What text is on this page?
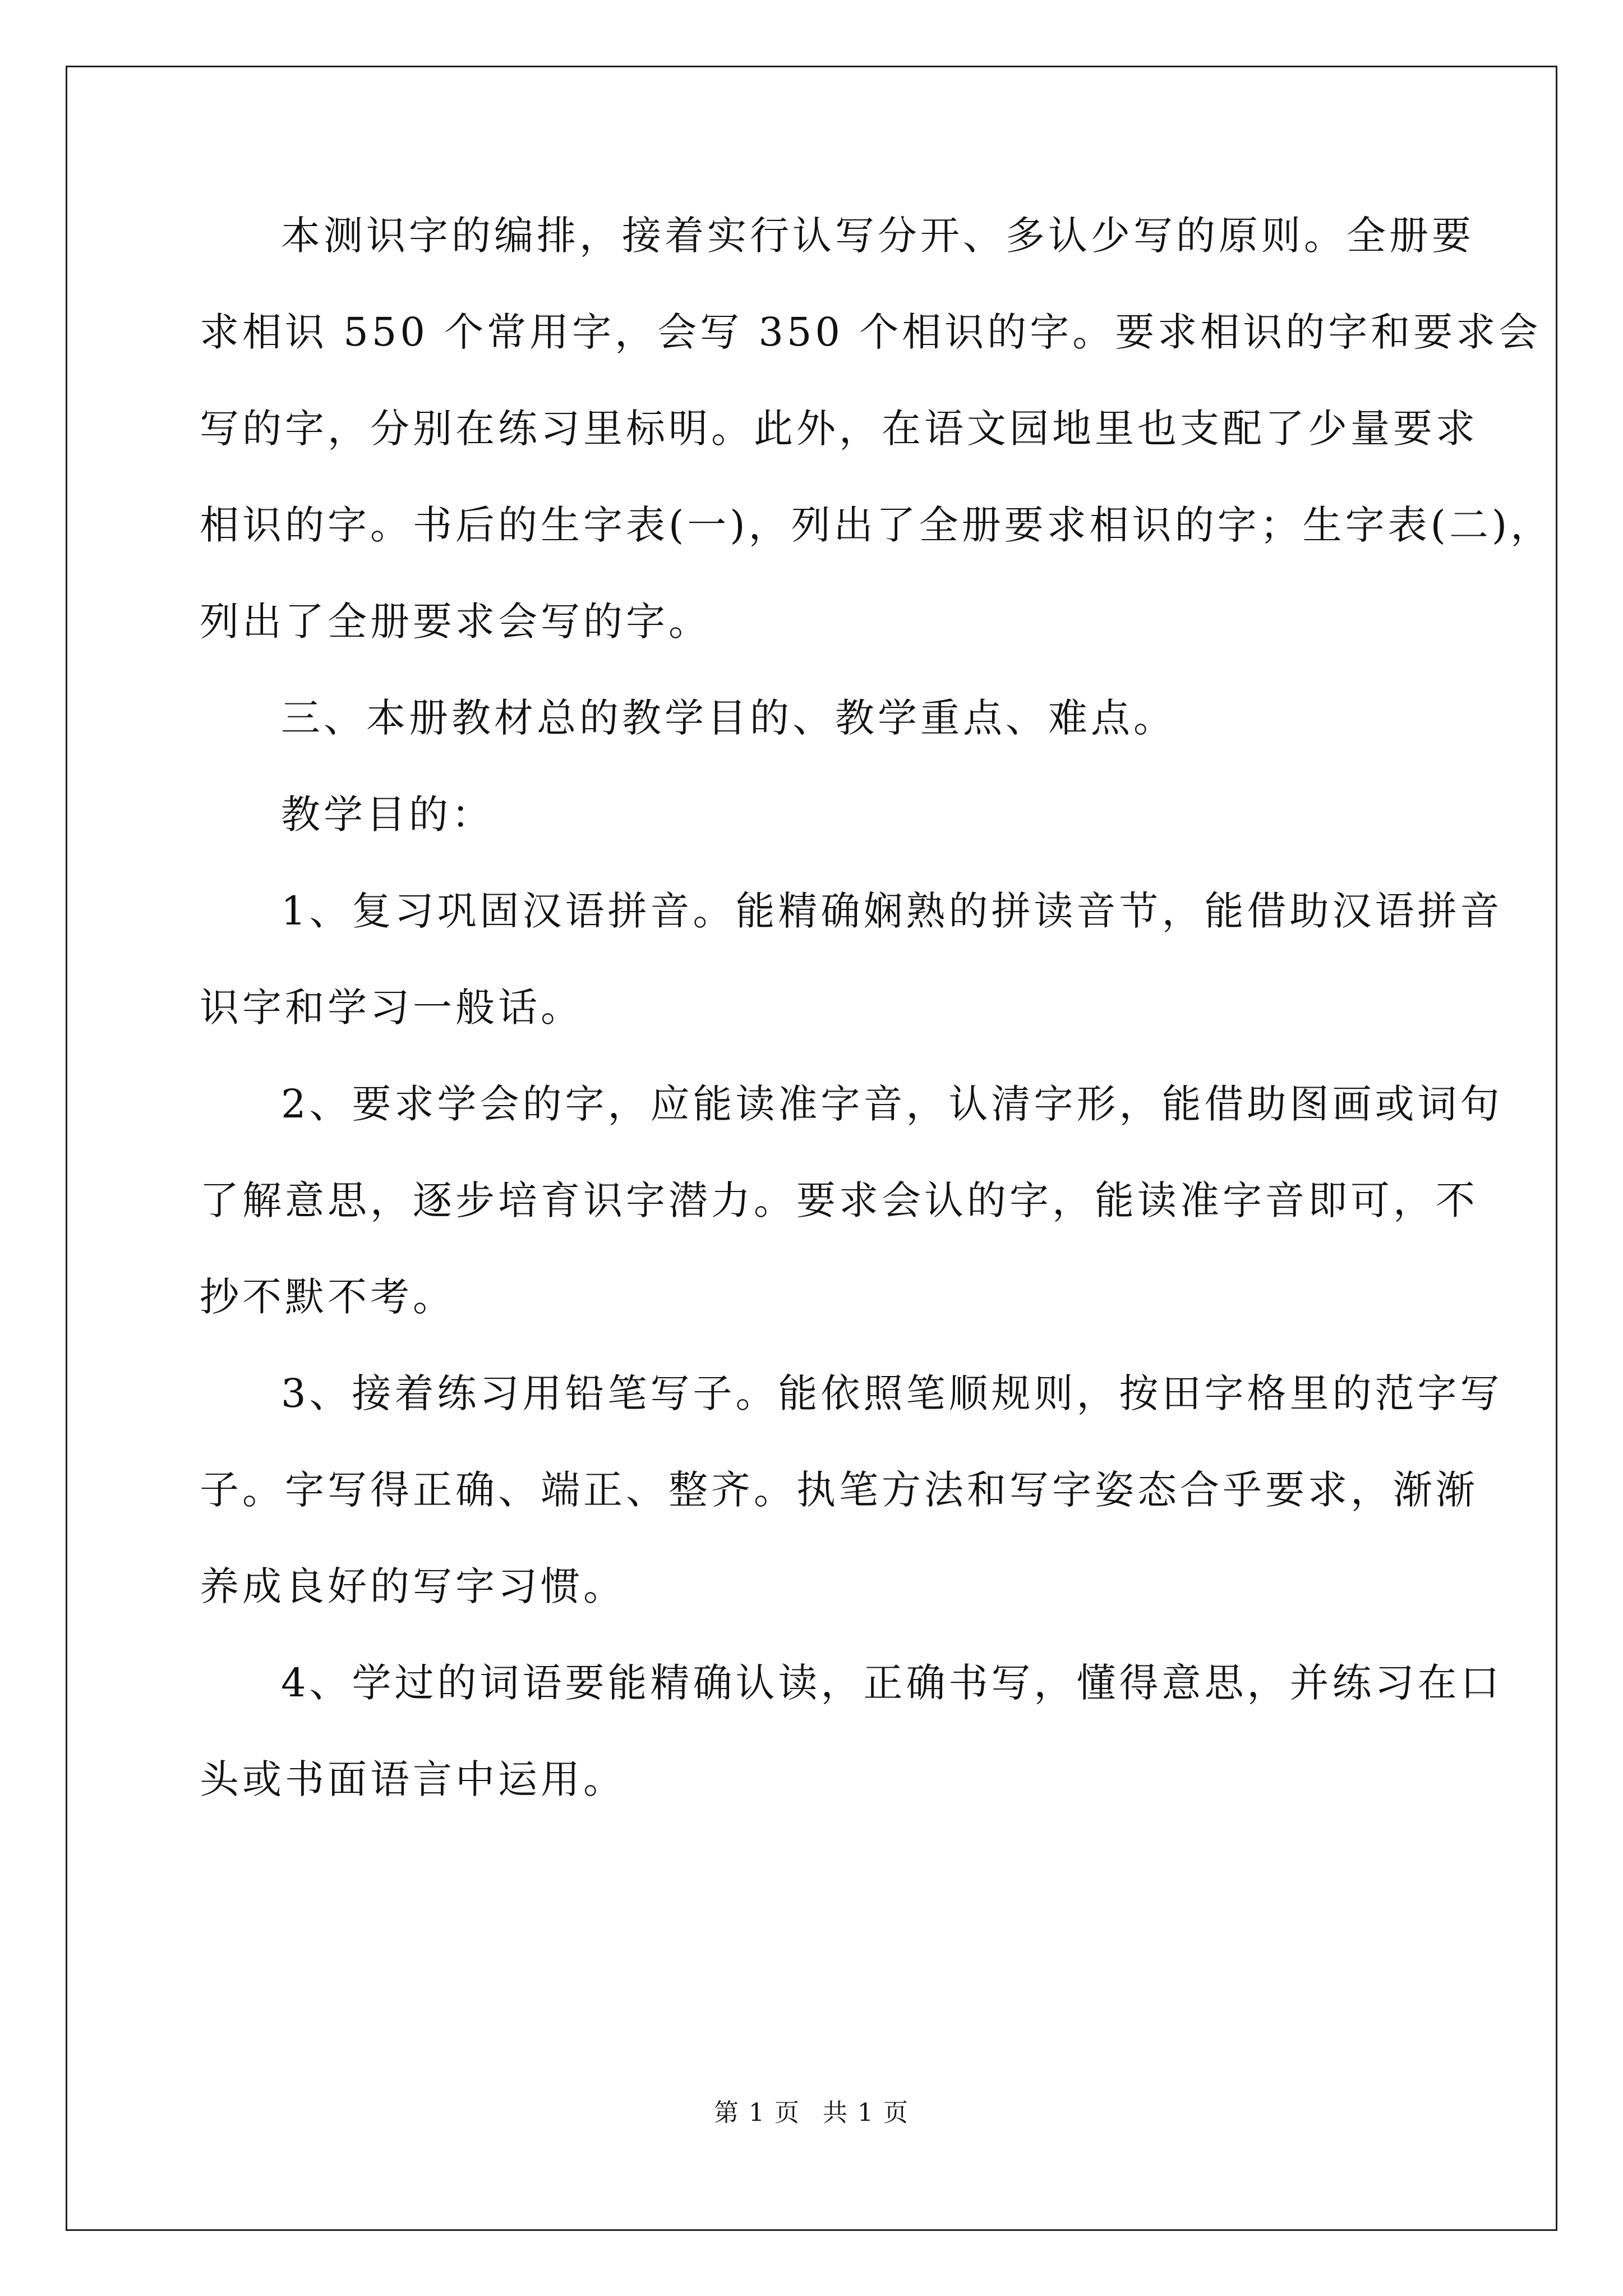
本测识字的编排，接着实行认写分开、多认少写的原则。全册要
求相识 550 个常用字，会写 350 个相识的字。要求相识的字和要求会
写的字，分别在练习里标明。此外，在语文园地里也支配了少量要求
相识的字。书后的生字表(一)，列出了全册要求相识的字；生字表(二)，
列出了全册要求会写的字。
三、本册教材总的教学目的、教学重点、难点。
教学目的：
1、复习巩固汉语拼音。能精确娴熟的拼读音节，能借助汉语拼音
识字和学习一般话。
2、要求学会的字，应能读准字音，认清字形，能借助图画或词句
了解意思，逐步培育识字潜力。要求会认的字，能读准字音即可，不
抄不默不考。
3、接着练习用铅笔写子。能依照笔顺规则，按田字格里的范字写
子。字写得正确、端正、整齐。执笔方法和写字姿态合乎要求，渐渐
养成良好的写字习惯。
4、学过的词语要能精确认读，正确书写，懂得意思，并练习在口
头或书面语言中运用。
第 1 页 共 1 页
